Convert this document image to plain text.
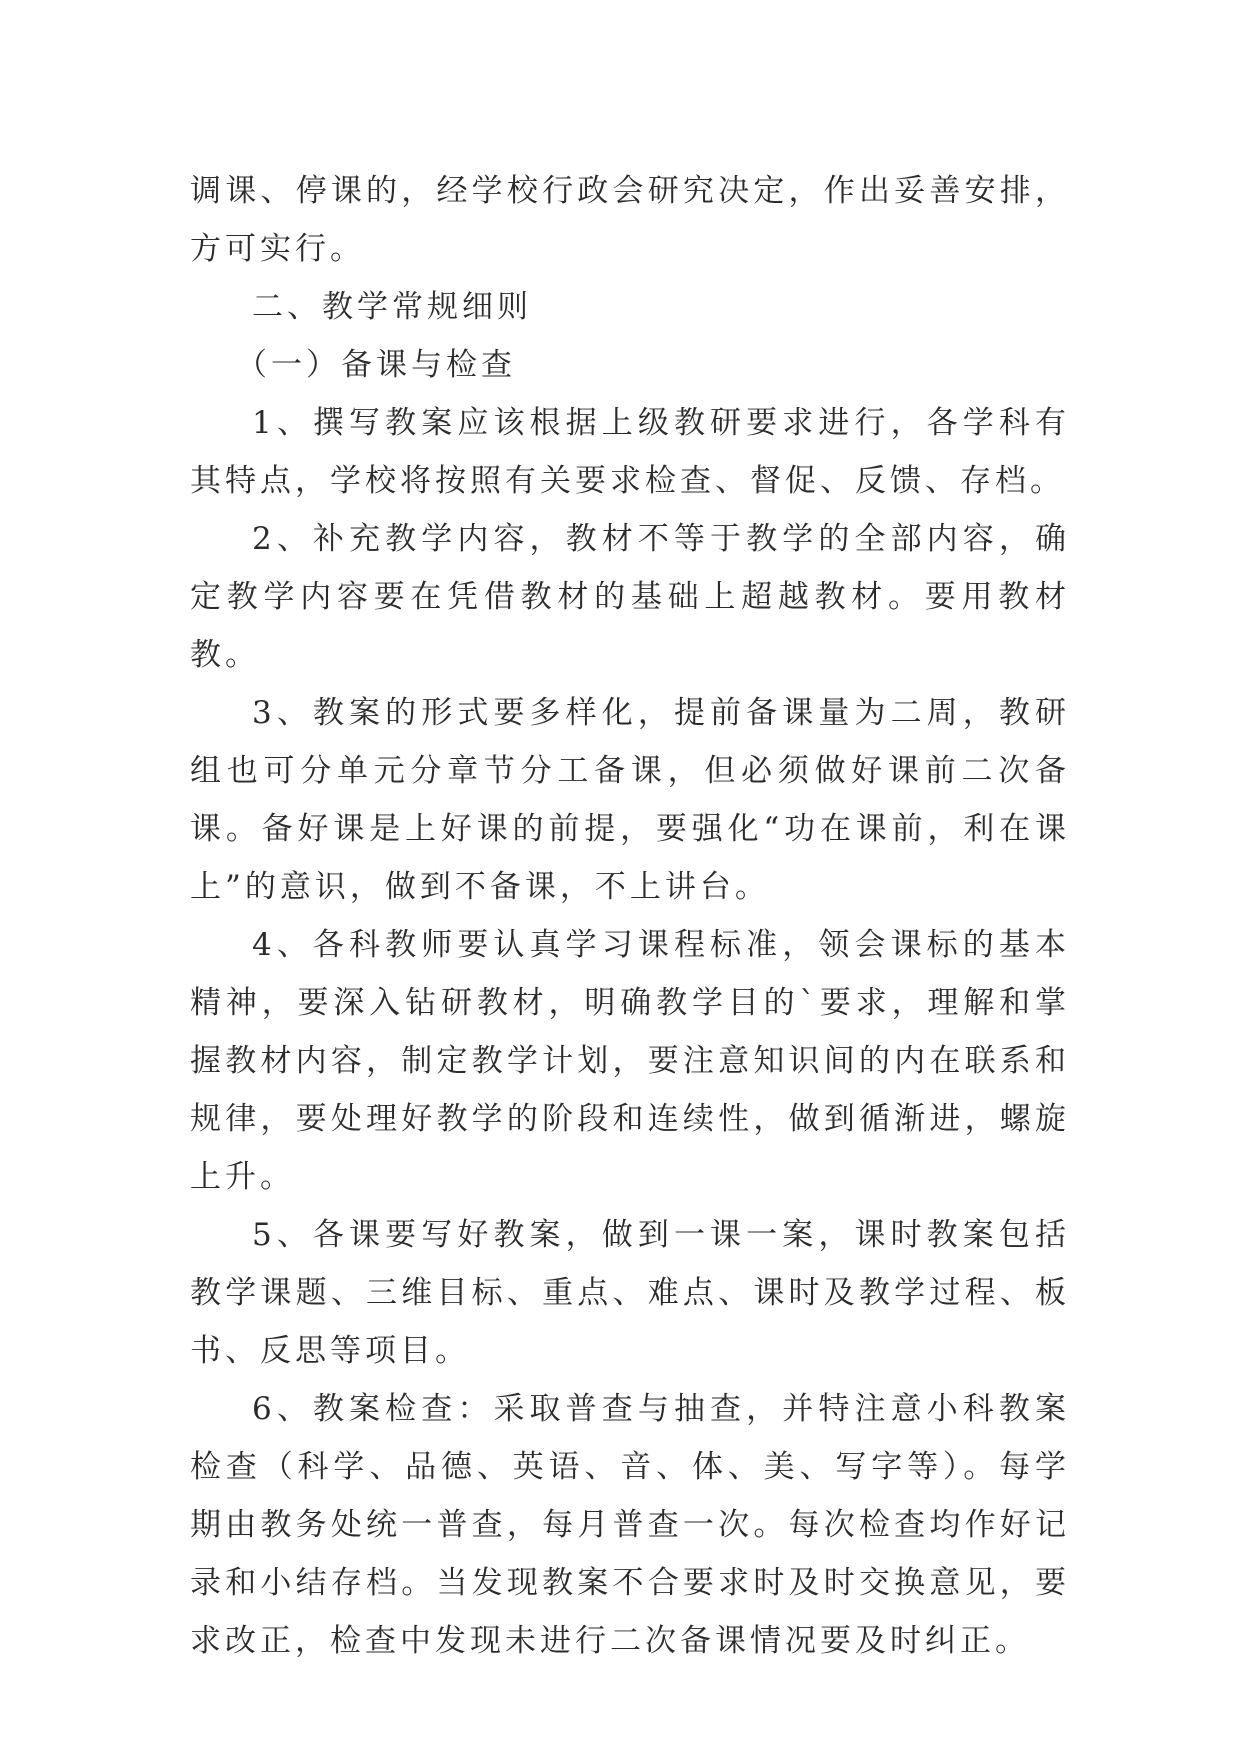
调课、停课的，经学校行政会研究决定，作出妥善安排，方可实行。

二、教学常规细则

（一）备课与检查

1、撰写教案应该根据上级教研要求进行，各学科有其特点，学校将按照有关要求检查、督促、反馈、存档。

2、补充教学内容，教材不等于教学的全部内容，确定教学内容要在凭借教材的基础上超越教材。要用教材教。

3、教案的形式要多样化，提前备课量为二周，教研组也可分单元分章节分工备课，但必须做好课前二次备课。备好课是上好课的前提，要强化“功在课前，利在课上”的意识，做到不备课，不上讲台。

4、各科教师要认真学习课程标准，领会课标的基本精神，要深入钻研教材，明确教学目的`要求，理解和掌握教材内容，制定教学计划，要注意知识间的内在联系和规律，要处理好教学的阶段和连续性，做到循渐进，螺旋上升。

5、各课要写好教案，做到一课一案，课时教案包括教学课题、三维目标、重点、难点、课时及教学过程、板书、反思等项目。

6、教案检查：采取普查与抽查，并特注意小科教案检查（科学、品德、英语、音、体、美、写字等）。每学期由教务处统一普查，每月普查一次。每次检查均作好记录和小结存档。当发现教案不合要求时及时交换意见，要求改正，检查中发现未进行二次备课情况要及时纠正。
